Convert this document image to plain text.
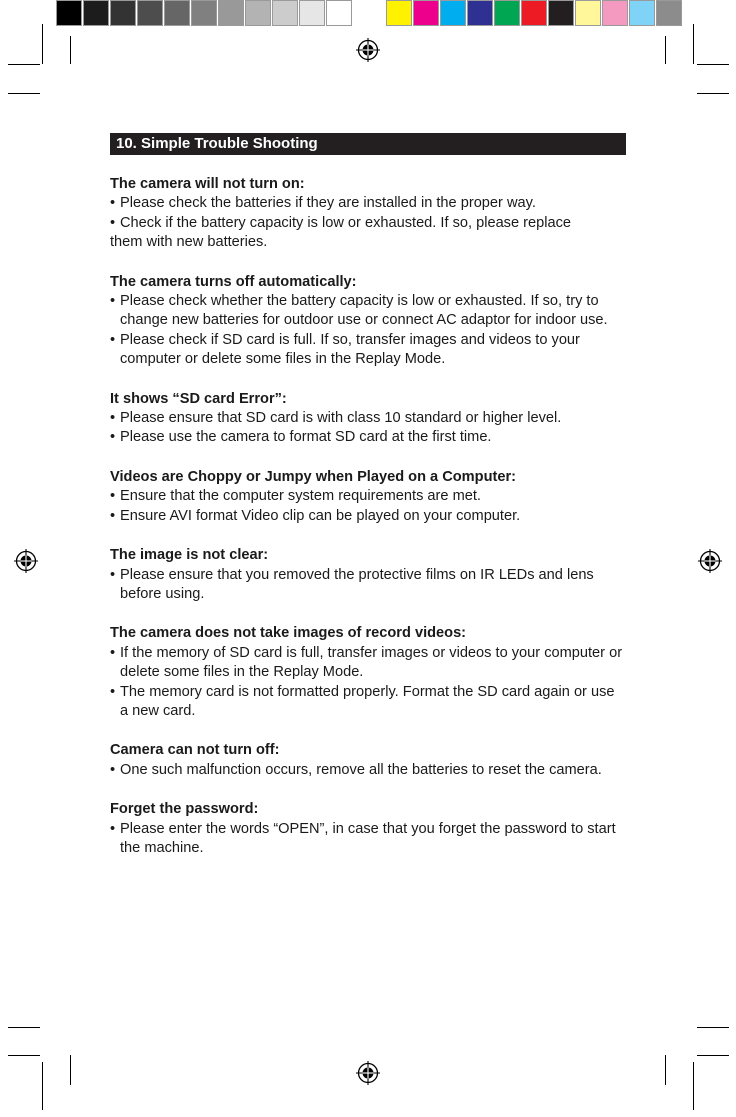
10. Simple Trouble Shooting
The camera will not turn on:
• Please check the batteries if they are installed in the proper way.
• Check if the battery capacity is low or exhausted. If so, please replace
them with new batteries.
The camera turns off automatically:
• Please check whether the battery capacity is low or exhausted. If so, try to change new batteries for outdoor use or connect AC adaptor for indoor use.
• Please check if SD card is full. If so, transfer images and videos to your computer or delete some files in the Replay Mode.
It shows “SD card Error”:
• Please ensure that SD card is with class 10 standard or higher level.
• Please use the camera to format SD card at the first time.
Videos are Choppy or Jumpy when Played on a Computer:
• Ensure that the computer system requirements are met.
• Ensure AVI format Video clip can be played on your computer.
The image is not clear:
• Please ensure that you removed the protective films on IR LEDs and lens before using.
The camera does not take images of record videos:
• If the memory of SD card is full, transfer images or videos to your computer or delete some files in the Replay Mode.
• The memory card is not formatted properly. Format the SD card again or use a new card.
Camera can not turn off:
• One such malfunction occurs, remove all the batteries to reset the camera.
Forget the password:
• Please enter the words “OPEN”, in case that you forget the password to start the machine.
